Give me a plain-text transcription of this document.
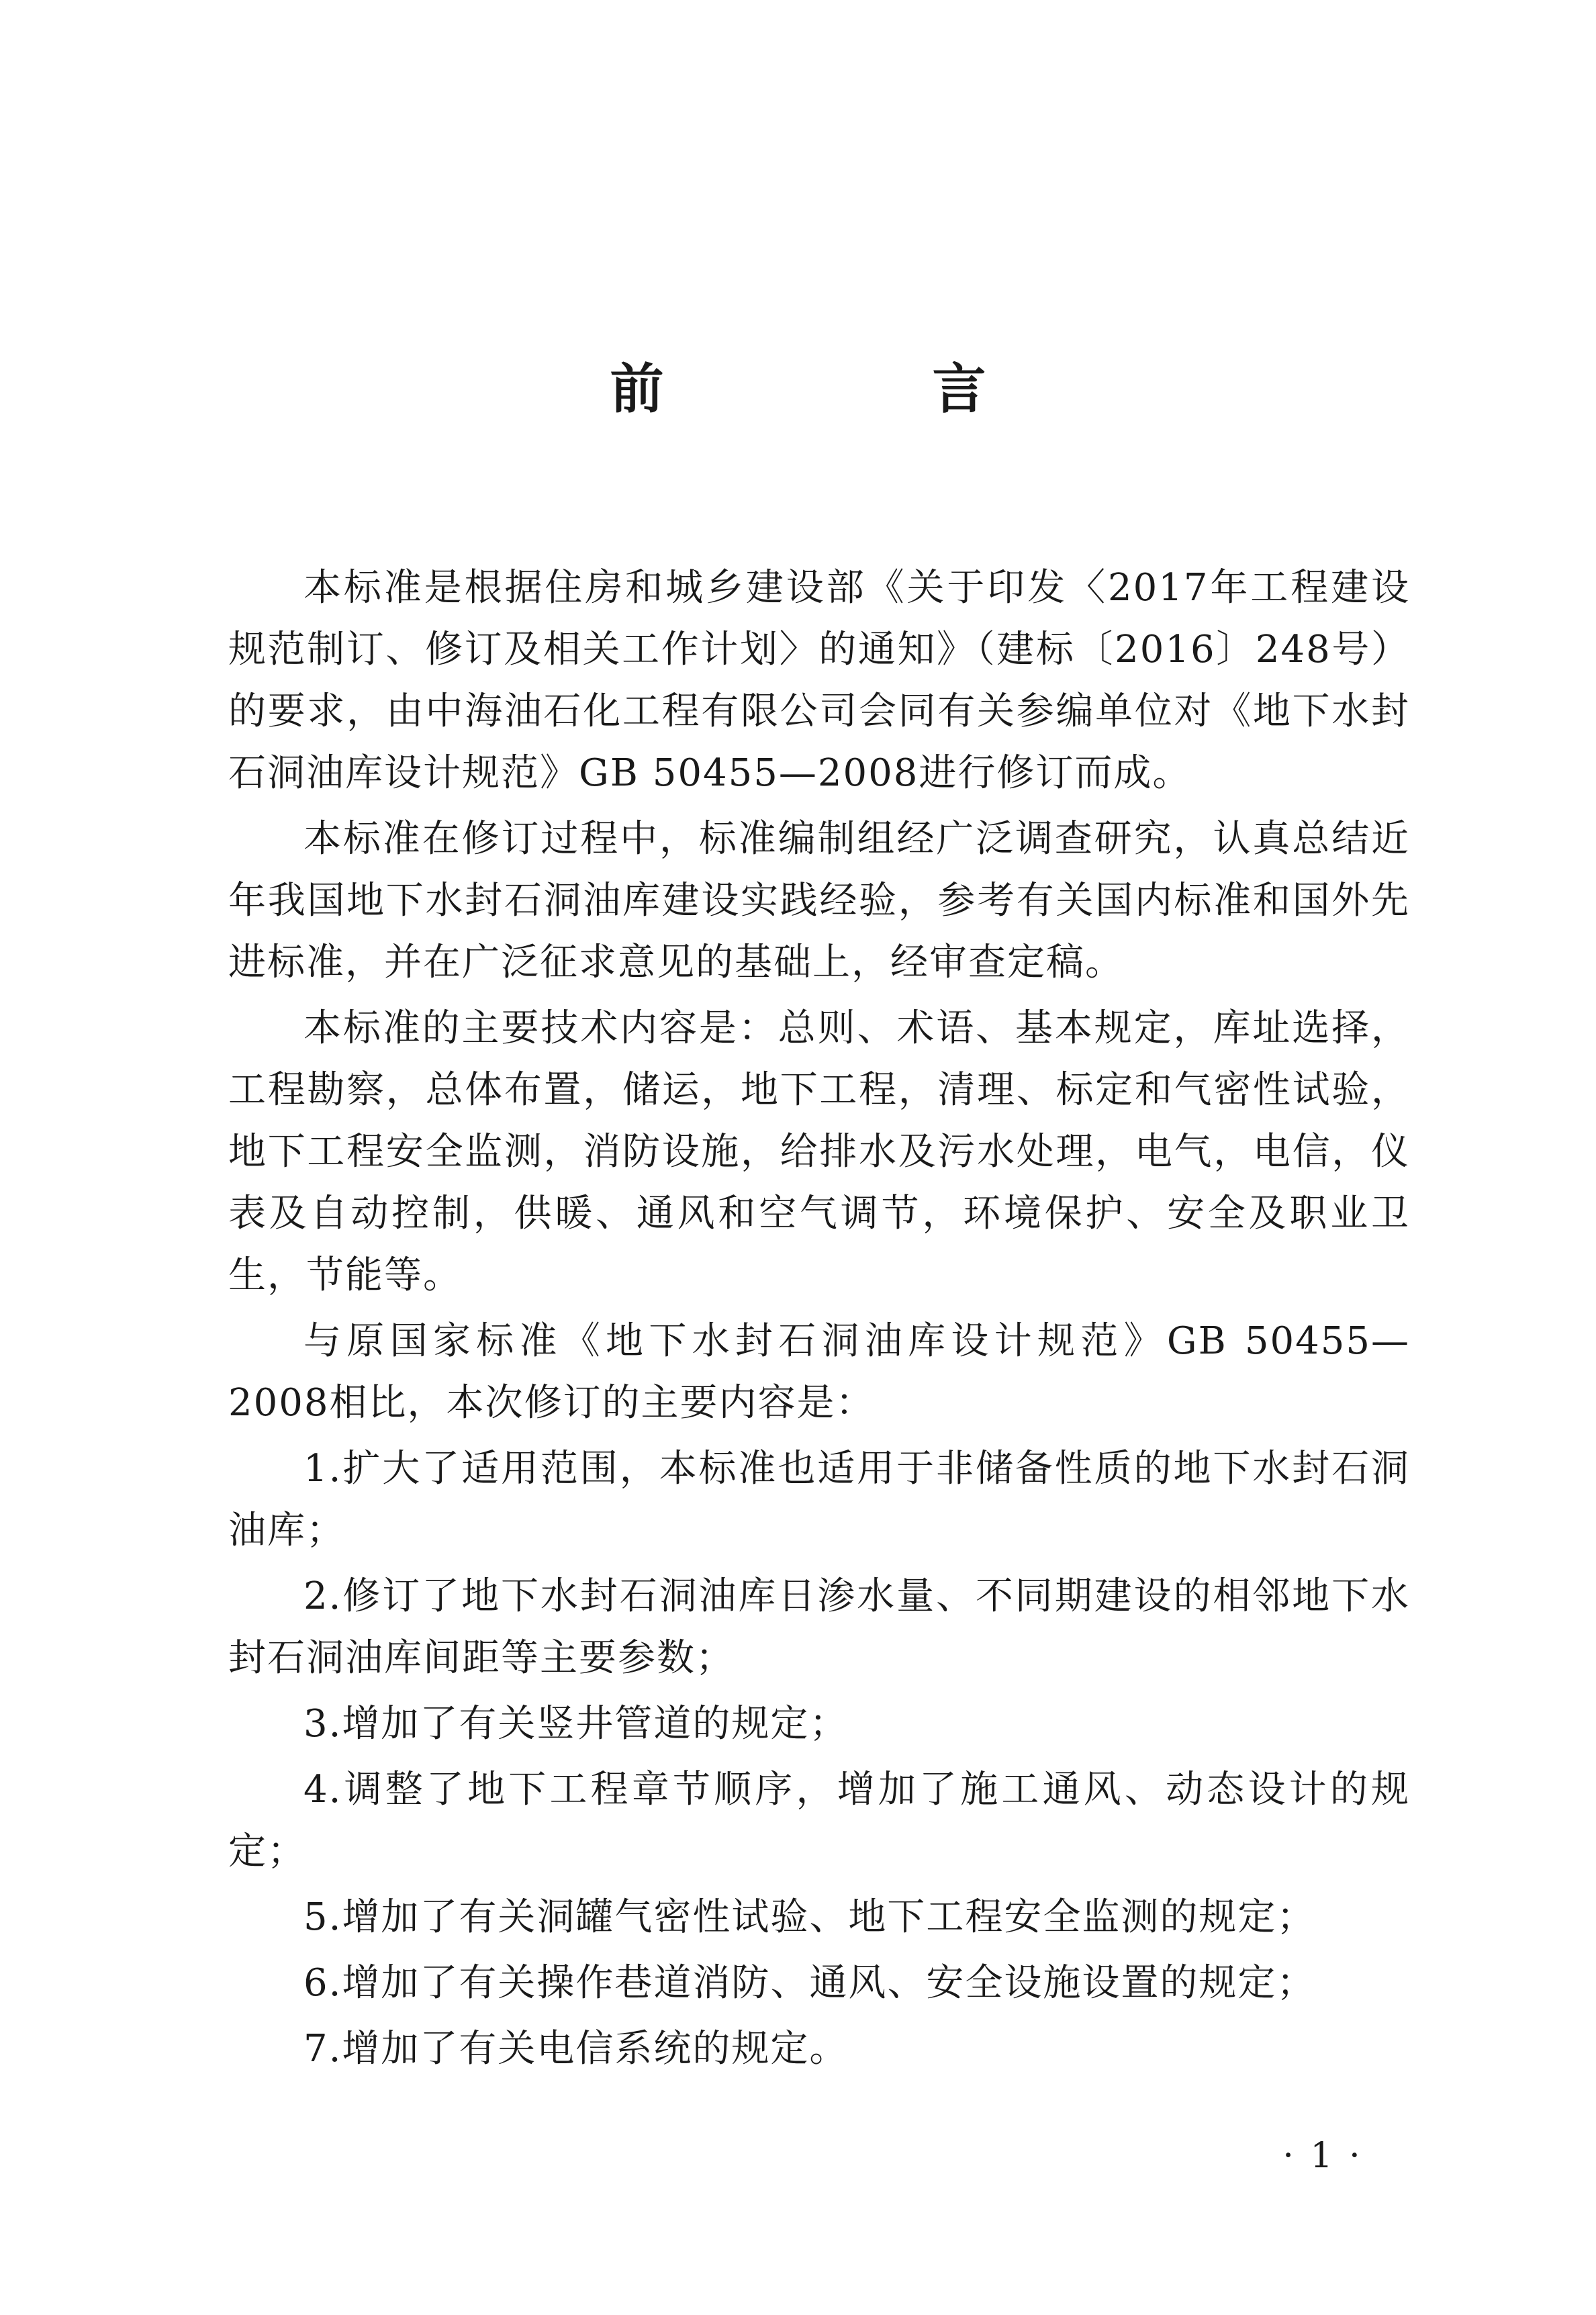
前　言

本标准是根据住房和城乡建设部《关于印发〈2017年工程建设规范制订、修订及相关工作计划〉的通知》（建标〔2016〕248号）的要求，由中海油石化工程有限公司会同有关参编单位对《地下水封石洞油库设计规范》GB 50455—2008进行修订而成。

本标准在修订过程中，标准编制组经广泛调查研究，认真总结近年我国地下水封石洞油库建设实践经验，参考有关国内标准和国外先进标准，并在广泛征求意见的基础上，经审查定稿。

本标准的主要技术内容是：总则、术语、基本规定，库址选择，工程勘察，总体布置，储运，地下工程，清理、标定和气密性试验，地下工程安全监测，消防设施，给排水及污水处理，电气，电信，仪表及自动控制，供暖、通风和空气调节，环境保护、安全及职业卫生，节能等。

与原国家标准《地下水封石洞油库设计规范》GB 50455—2008相比，本次修订的主要内容是：

1.扩大了适用范围，本标准也适用于非储备性质的地下水封石洞油库；

2.修订了地下水封石洞油库日渗水量、不同期建设的相邻地下水封石洞油库间距等主要参数；

3.增加了有关竖井管道的规定；

4.调整了地下工程章节顺序，增加了施工通风、动态设计的规定；

5.增加了有关洞罐气密性试验、地下工程安全监测的规定；

6.增加了有关操作巷道消防、通风、安全设施设置的规定；

7.增加了有关电信系统的规定。

· 1 ·
